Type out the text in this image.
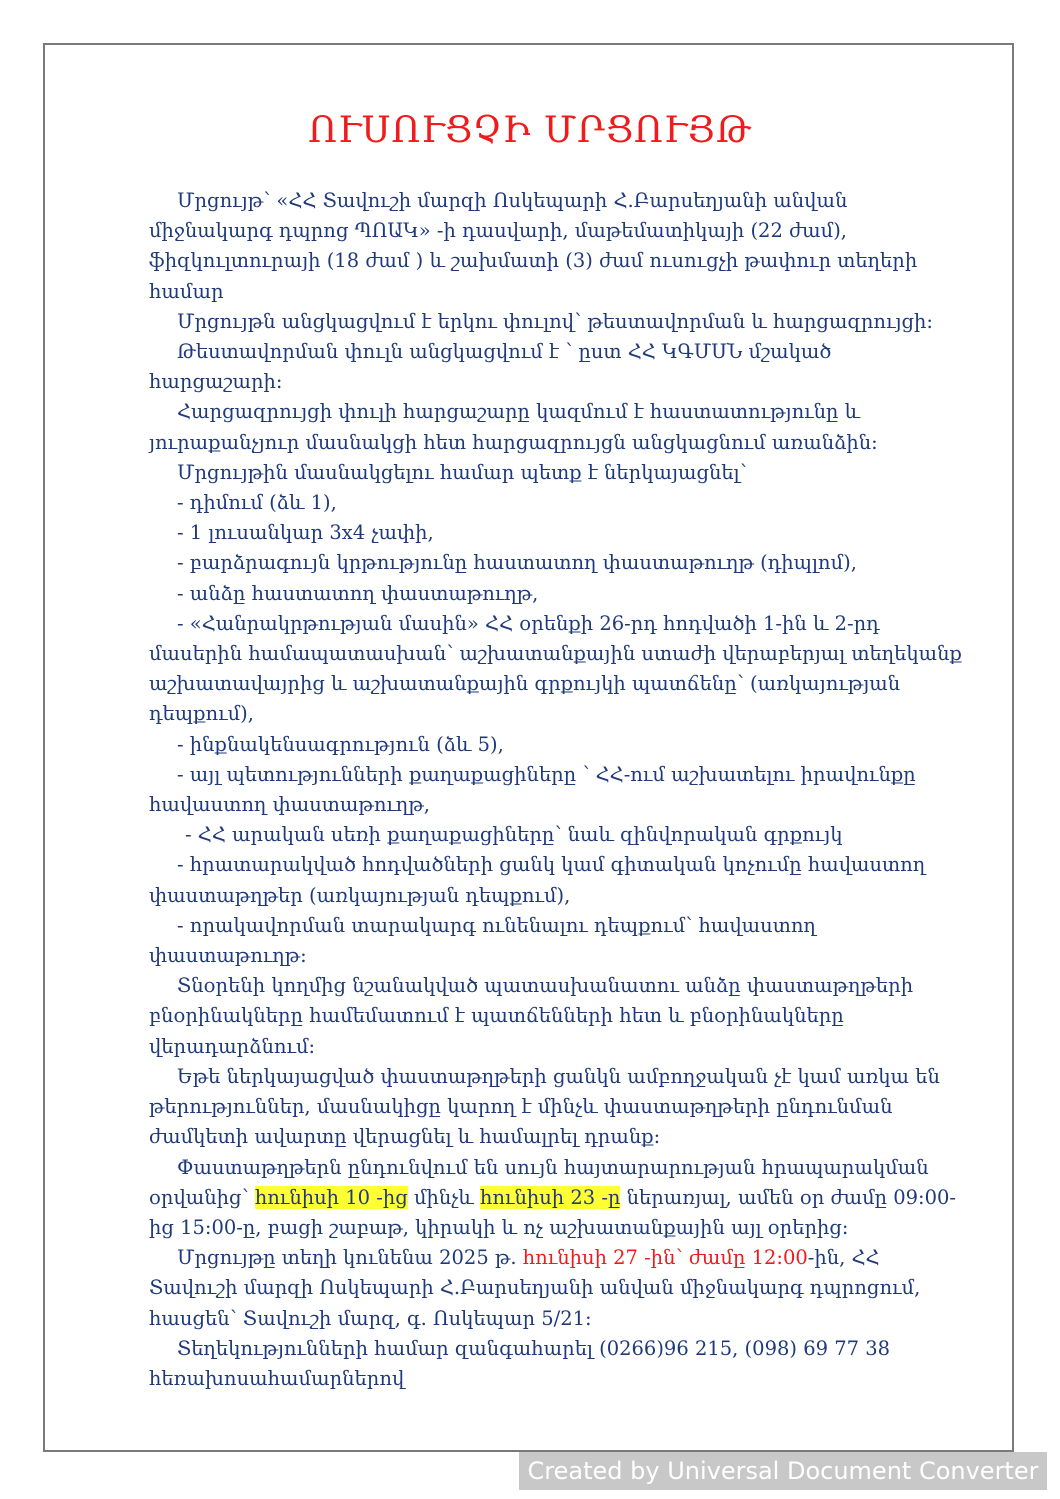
ՈՒՍՈՒՑՉԻ ՄՐՑՈՒՅԹ

Մրցույթ՝ «ՀՀ Տավուշի մարզի Ոսկեպարի Հ.Բարսեղյանի անվան միջնակարգ դպրոց ՊՈԱԿ» -ի դասվարի, մաթեմատիկայի (22 ժամ), ֆիզկուլտուրայի (18 ժամ ) և շախմատի (3) ժամ ուսուցչի թափուր տեղերի համար

Մրցույթն անցկացվում է երկու փուլով՝ թեստավորման և հարցազրույցի:

Թեստավորման փուլն անցկացվում է ՝ ըստ ՀՀ ԿԳՄՍՆ մշակած հարցաշարի:

Հարցազրույցի փուլի հարցաշարը կազմում է հաստատությունը և յուրաքանչյուր մասնակցի հետ հարցազրույցն անցկացնում առանձին:

Մրցույթին մասնակցելու համար պետք է ներկայացնել՝

- դիմում (ձև 1),

- 1 լուսանկար 3x4 չափի,

- բարձրագույն կրթությունը հաստատող փաստաթուղթ (դիպլոմ),

- անձը հաստատող փաստաթուղթ,

- «Հանրակրթության մասին» ՀՀ օրենքի 26-րդ հոդվածի 1-ին և 2-րդ մասերին համապատասխան՝ աշխատանքային ստաժի վերաբերյալ տեղեկանք աշխատավայրից և աշխատանքային գրքույկի պատճենը՝ (առկայության դեպքում),

- ինքնակենսագրություն (ձև 5),

- այլ պետությունների քաղաքացիները ՝ ՀՀ-ում աշխատելու իրավունքը հավաստող փաստաթուղթ,

- ՀՀ արական սեռի քաղաքացիները՝ նաև զինվորական գրքույկ

- հրատարակված հոդվածների ցանկ կամ գիտական կոչումը հավաստող փաստաթղթեր (առկայության դեպքում),

- որակավորման տարակարգ ունենալու դեպքում՝ հավաստող փաստաթուղթ:

Տնօրենի կողմից նշանակված պատասխանատու անձը փաստաթղթերի բնօրինակները համեմատում է պատճենների հետ և բնօրինակները վերադարձնում:

Եթե ներկայացված փաստաթղթերի ցանկն ամբողջական չէ կամ առկա են թերություններ, մասնակիցը կարող է մինչև փաստաթղթերի ընդունման ժամկետի ավարտը վերացնել և համալրել դրանք:

Փաստաթղթերն ընդունվում են սույն հայտարարության հրապարակման օրվանից՝ հունիսի 10 -ից մինչև հունիսի 23 -ը ներառյալ, ամեն օր ժամը 09:00-ից 15:00-ը, բացի շաբաթ, կիրակի և ոչ աշխատանքային այլ օրերից:

Մրցույթը տեղի կունենա 2025 թ. հունիսի 27 -ին՝ ժամը 12:00-ին, ՀՀ Տավուշի մարզի Ոսկեպարի Հ.Բարսեղյանի անվան միջնակարգ դպրոցում, հասցեն՝ Տավուշի մարզ, գ. Ոսկեպար 5/21:

Տեղեկությունների համար զանգահարել (0266)96 215, (098) 69 77 38 հեռախոսահամարներով

Created by Universal Document Converter
